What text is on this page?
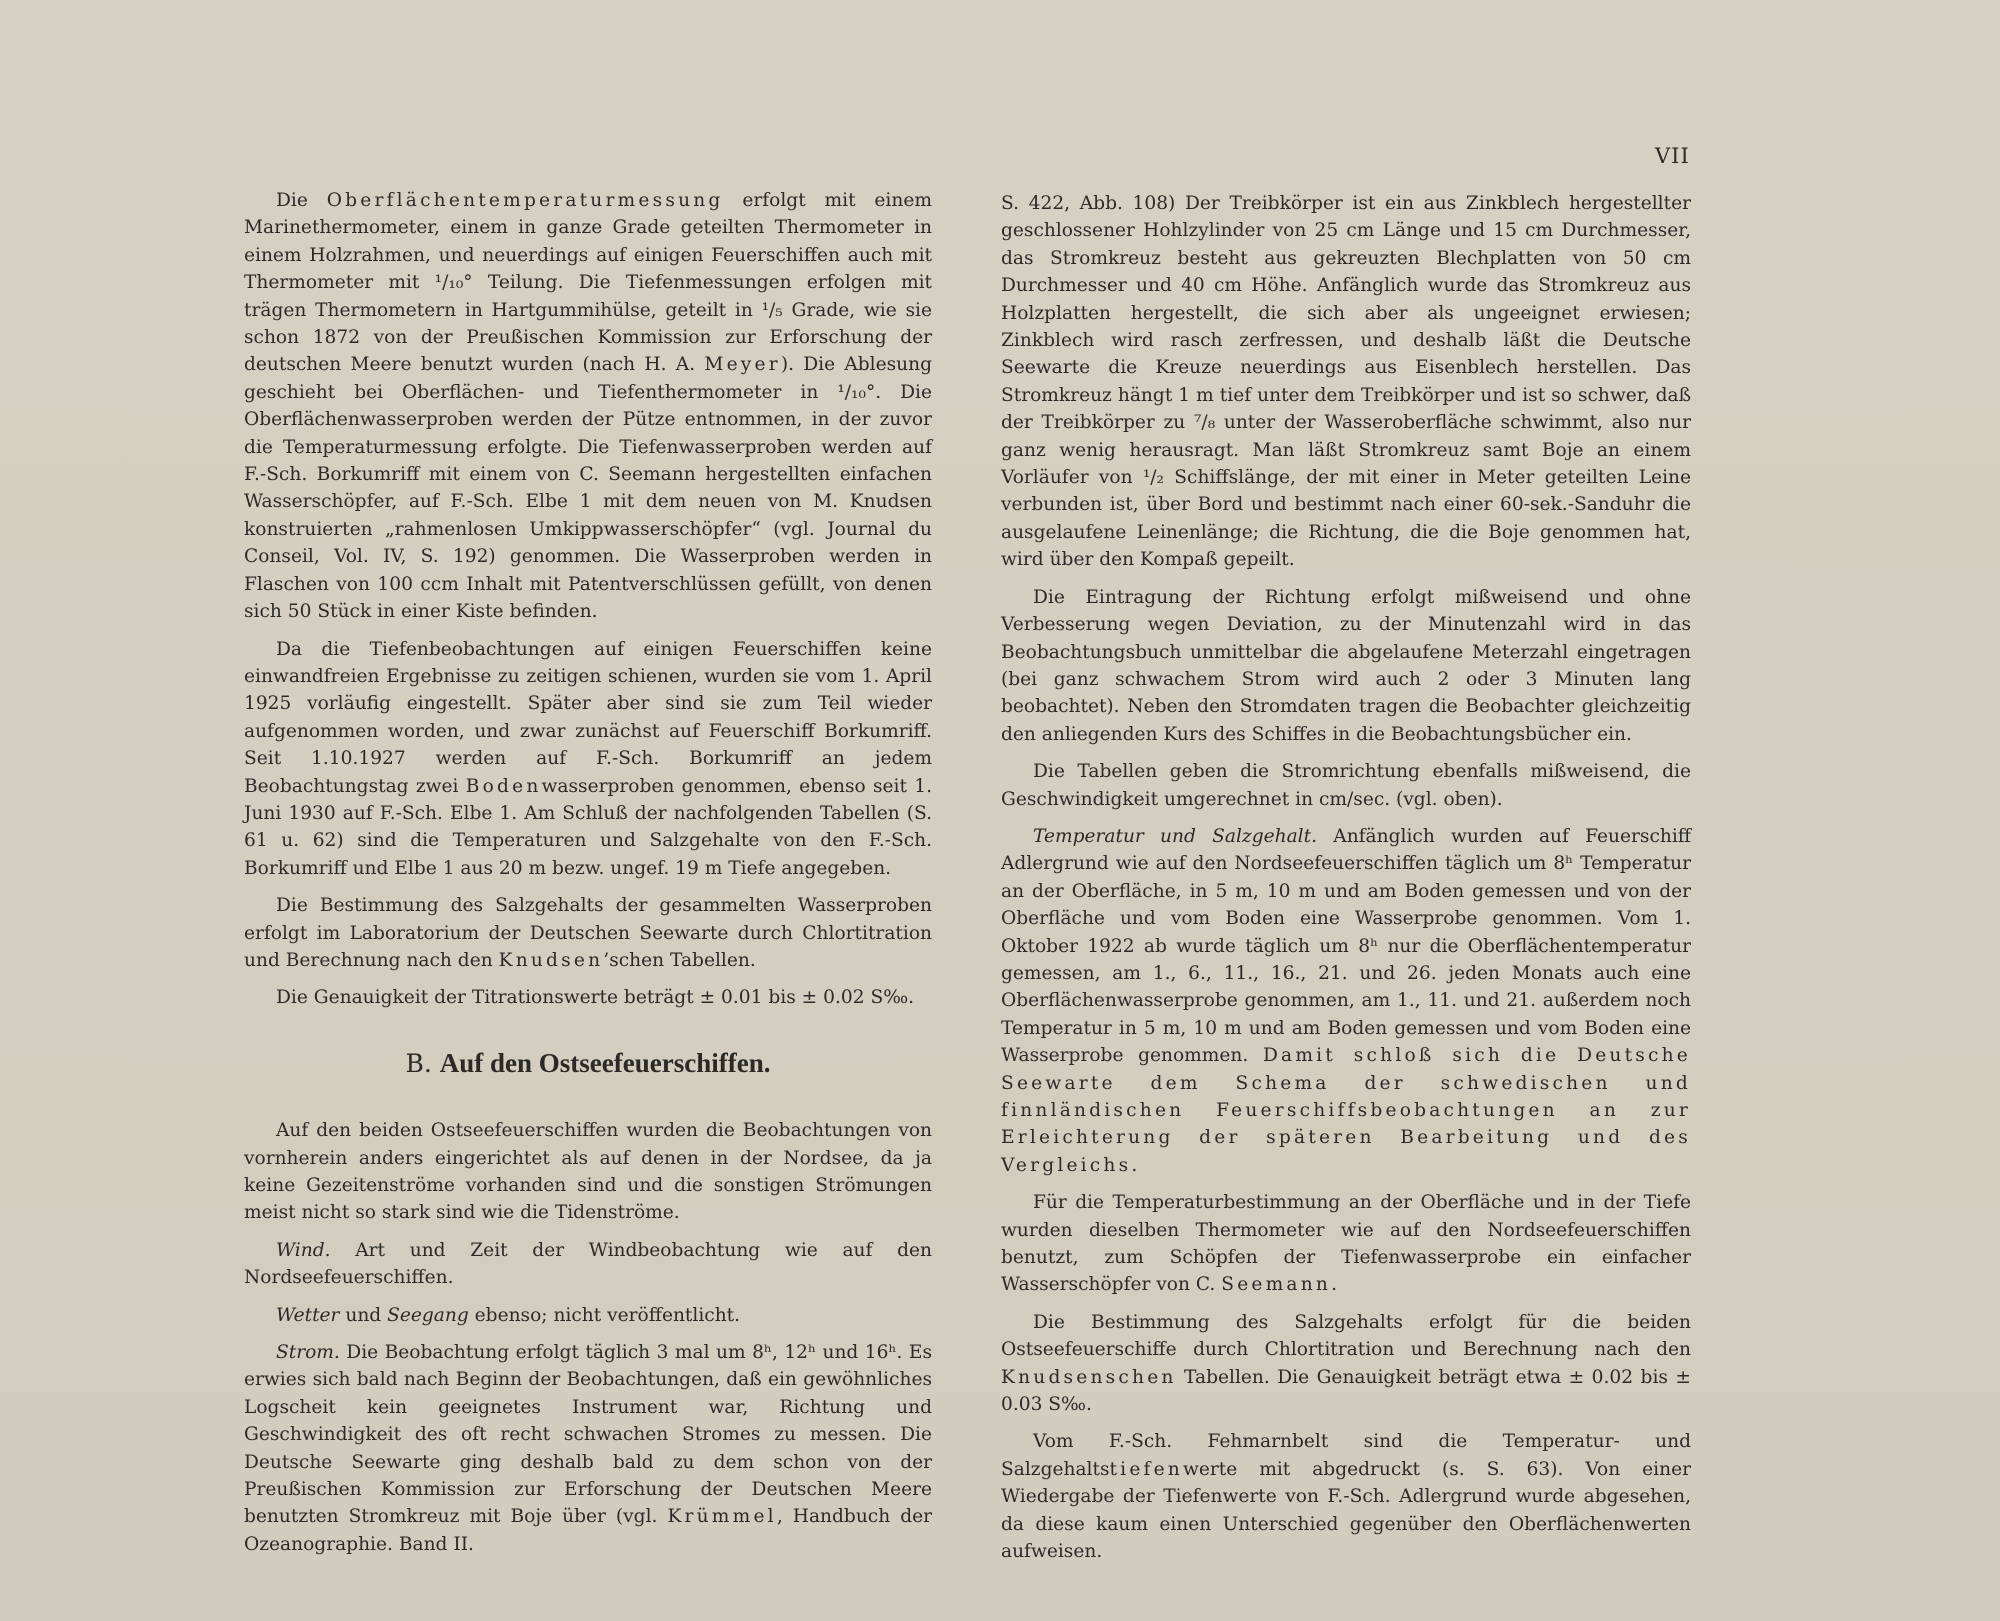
VII

Die Oberflächentemperaturmessung erfolgt mit einem Marinethermometer, einem in ganze Grade geteilten Thermometer in einem Holzrahmen, und neuerdings auf einigen Feuerschiffen auch mit Thermometer mit ¹/₁₀° Teilung. Die Tiefenmessungen erfolgen mit trägen Thermometern in Hartgummihülse, geteilt in ¹/₅ Grade, wie sie schon 1872 von der Preußischen Kommission zur Erforschung der deutschen Meere benutzt wurden (nach H. A. Meyer). Die Ablesung geschieht bei Oberflächen- und Tiefenthermometer in ¹/₁₀°. Die Oberflächenwasserproben werden der Pütze entnommen, in der zuvor die Temperaturmessung erfolgte. Die Tiefenwasserproben werden auf F.-Sch. Borkumriff mit einem von C. Seemann hergestellten einfachen Wasserschöpfer, auf F.-Sch. Elbe 1 mit dem neuen von M. Knudsen konstruierten „rahmenlosen Umkippwasserschöpfer“ (vgl. Journal du Conseil, Vol. IV, S. 192) genommen. Die Wasserproben werden in Flaschen von 100 ccm Inhalt mit Patentverschlüssen gefüllt, von denen sich 50 Stück in einer Kiste befinden.

Da die Tiefenbeobachtungen auf einigen Feuerschiffen keine einwandfreien Ergebnisse zu zeitigen schienen, wurden sie vom 1. April 1925 vorläufig eingestellt. Später aber sind sie zum Teil wieder aufgenommen worden, und zwar zunächst auf Feuerschiff Borkumriff. Seit 1.10.1927 werden auf F.-Sch. Borkumriff an jedem Beobachtungstag zwei Bodenwasserproben genommen, ebenso seit 1. Juni 1930 auf F.-Sch. Elbe 1. Am Schluß der nachfolgenden Tabellen (S. 61 u. 62) sind die Temperaturen und Salzgehalte von den F.-Sch. Borkumriff und Elbe 1 aus 20 m bezw. ungef. 19 m Tiefe angegeben.

Die Bestimmung des Salzgehalts der gesammelten Wasserproben erfolgt im Laboratorium der Deutschen Seewarte durch Chlortitration und Berechnung nach den Knudsen’schen Tabellen.

Die Genauigkeit der Titrationswerte beträgt ± 0.01 bis ± 0.02 S‰.

B. Auf den Ostseefeuerschiffen.

Auf den beiden Ostseefeuerschiffen wurden die Beobachtungen von vornherein anders eingerichtet als auf denen in der Nordsee, da ja keine Gezeitenströme vorhanden sind und die sonstigen Strömungen meist nicht so stark sind wie die Tidenströme.

Wind. Art und Zeit der Windbeobachtung wie auf den Nordseefeuerschiffen.

Wetter und Seegang ebenso; nicht veröffentlicht.

Strom. Die Beobachtung erfolgt täglich 3 mal um 8ʰ, 12ʰ und 16ʰ. Es erwies sich bald nach Beginn der Beobachtungen, daß ein gewöhnliches Logscheit kein geeignetes Instrument war, Richtung und Geschwindigkeit des oft recht schwachen Stromes zu messen. Die Deutsche Seewarte ging deshalb bald zu dem schon von der Preußischen Kommission zur Erforschung der Deutschen Meere benutzten Stromkreuz mit Boje über (vgl. Krümmel, Handbuch der Ozeanographie. Band II.

S. 422, Abb. 108) Der Treibkörper ist ein aus Zinkblech hergestellter geschlossener Hohlzylinder von 25 cm Länge und 15 cm Durchmesser, das Stromkreuz besteht aus gekreuzten Blechplatten von 50 cm Durchmesser und 40 cm Höhe. Anfänglich wurde das Stromkreuz aus Holzplatten hergestellt, die sich aber als ungeeignet erwiesen; Zinkblech wird rasch zerfressen, und deshalb läßt die Deutsche Seewarte die Kreuze neuerdings aus Eisenblech herstellen. Das Stromkreuz hängt 1 m tief unter dem Treibkörper und ist so schwer, daß der Treibkörper zu ⁷/₈ unter der Wasseroberfläche schwimmt, also nur ganz wenig herausragt. Man läßt Stromkreuz samt Boje an einem Vorläufer von ¹/₂ Schiffslänge, der mit einer in Meter geteilten Leine verbunden ist, über Bord und bestimmt nach einer 60-sek.-Sanduhr die ausgelaufene Leinenlänge; die Richtung, die die Boje genommen hat, wird über den Kompaß gepeilt.

Die Eintragung der Richtung erfolgt mißweisend und ohne Verbesserung wegen Deviation, zu der Minutenzahl wird in das Beobachtungsbuch unmittelbar die abgelaufene Meterzahl eingetragen (bei ganz schwachem Strom wird auch 2 oder 3 Minuten lang beobachtet). Neben den Stromdaten tragen die Beobachter gleichzeitig den anliegenden Kurs des Schiffes in die Beobachtungsbücher ein.

Die Tabellen geben die Stromrichtung ebenfalls mißweisend, die Geschwindigkeit umgerechnet in cm/sec. (vgl. oben).

Temperatur und Salzgehalt. Anfänglich wurden auf Feuerschiff Adlergrund wie auf den Nordseefeuerschiffen täglich um 8ʰ Temperatur an der Oberfläche, in 5 m, 10 m und am Boden gemessen und von der Oberfläche und vom Boden eine Wasserprobe genommen. Vom 1. Oktober 1922 ab wurde täglich um 8ʰ nur die Oberflächentemperatur gemessen, am 1., 6., 11., 16., 21. und 26. jeden Monats auch eine Oberflächenwasserprobe genommen, am 1., 11. und 21. außerdem noch Temperatur in 5 m, 10 m und am Boden gemessen und vom Boden eine Wasserprobe genommen. Damit schloß sich die Deutsche Seewarte dem Schema der schwedischen und finnländischen Feuerschiffsbeobachtungen an zur Erleichterung der späteren Bearbeitung und des Vergleichs.

Für die Temperaturbestimmung an der Oberfläche und in der Tiefe wurden dieselben Thermometer wie auf den Nordseefeuerschiffen benutzt, zum Schöpfen der Tiefenwasserprobe ein einfacher Wasserschöpfer von C. Seemann.

Die Bestimmung des Salzgehalts erfolgt für die beiden Ostseefeuerschiffe durch Chlortitration und Berechnung nach den Knudsenschen Tabellen. Die Genauigkeit beträgt etwa ± 0.02 bis ± 0.03 S‰.

Vom F.-Sch. Fehmarnbelt sind die Temperatur- und Salzgehaltstiefenwerte mit abgedruckt (s. S. 63). Von einer Wiedergabe der Tiefenwerte von F.-Sch. Adlergrund wurde abgesehen, da diese kaum einen Unterschied gegenüber den Oberflächenwerten aufweisen.
